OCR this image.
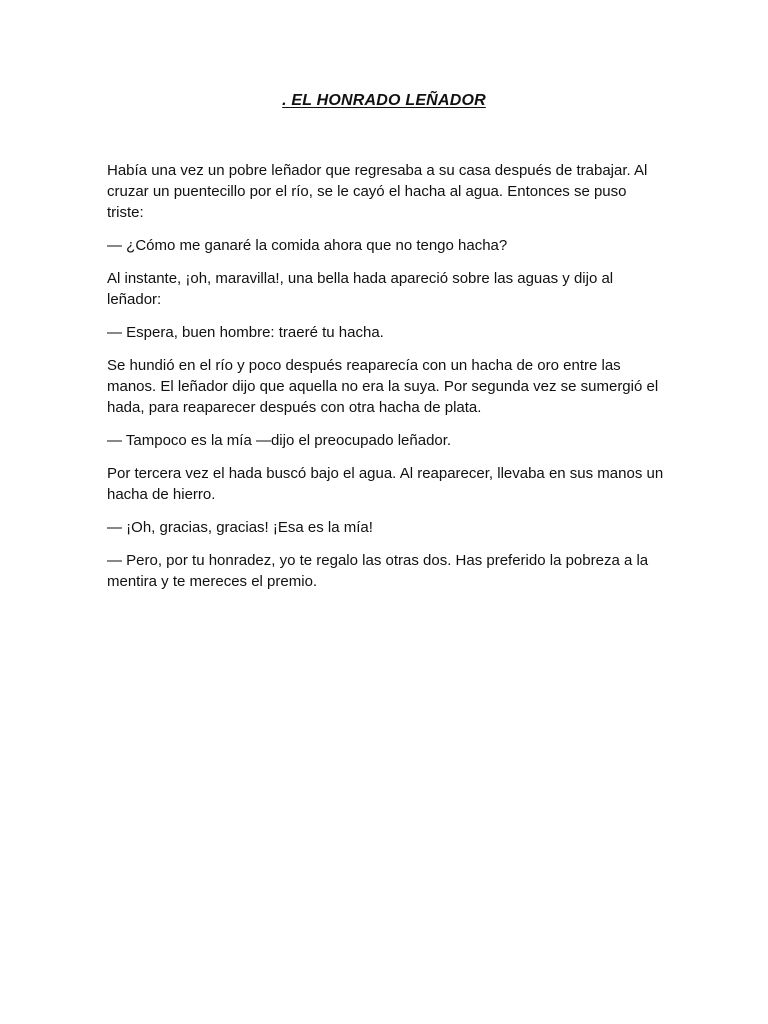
. EL HONRADO LEÑADOR

Había una vez un pobre leñador que regresaba a su casa después de trabajar. Al cruzar un puentecillo por el río, se le cayó el hacha al agua. Entonces se puso triste:

— ¿Cómo me ganaré la comida ahora que no tengo hacha?

Al instante, ¡oh, maravilla!, una bella hada apareció sobre las aguas y dijo al leñador:

— Espera, buen hombre: traeré tu hacha.

Se hundió en el río y poco después reaparecía con un hacha de oro entre las manos. El leñador dijo que aquella no era la suya. Por segunda vez se sumergió el hada, para reaparecer después con otra hacha de plata.

— Tampoco es la mía —dijo el preocupado leñador.

Por tercera vez el hada buscó bajo el agua. Al reaparecer, llevaba en sus manos un hacha de hierro.

— ¡Oh, gracias, gracias! ¡Esa es la mía!

— Pero, por tu honradez, yo te regalo las otras dos. Has preferido la pobreza a la mentira y te mereces el premio.
